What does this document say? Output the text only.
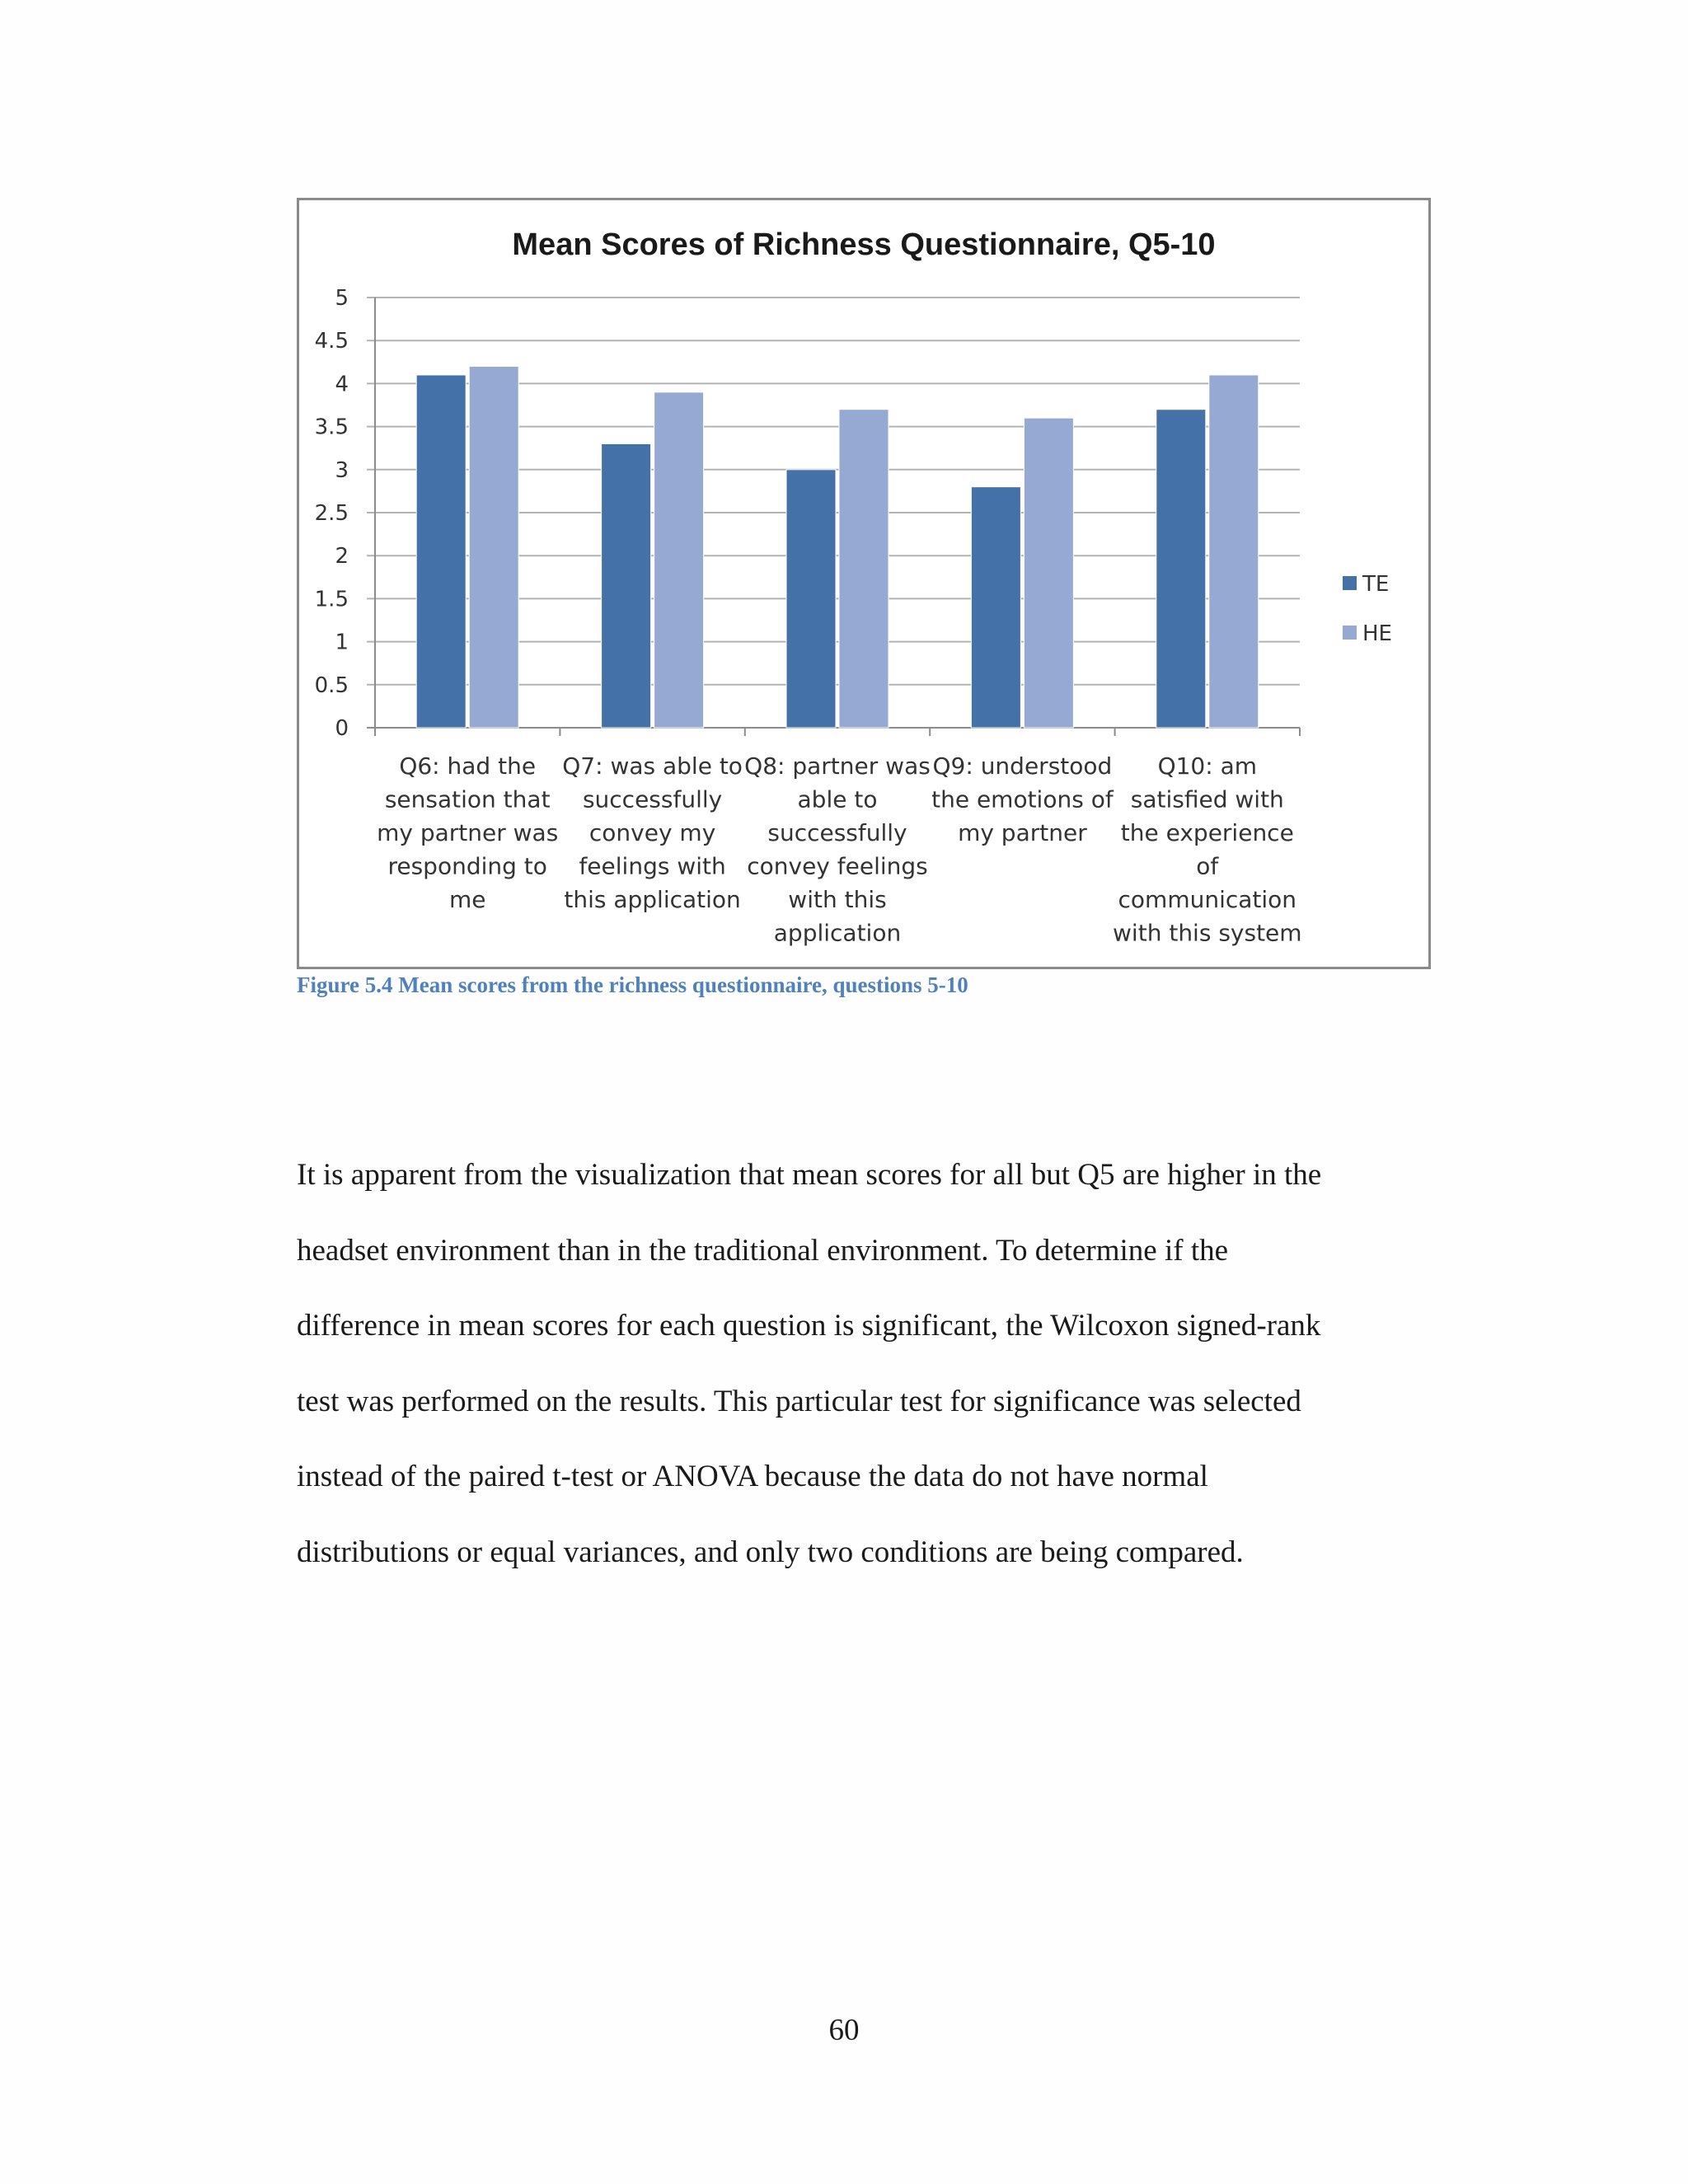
Mean Scores of Richness Questionnaire, Q5-10
0
0.5
1
1.5
2
2.5
3
3.5
4
4.5
5
Q6: had the sensation that my partner was responding to me
Q7: was able to successfully convey my feelings with this application
Q8: partner was able to successfully convey feelings with this application
Q9: understood the emotions of my partner
Q10: am satisfied with the experience of communication with this system
TE
HE
Figure 5.4 Mean scores from the richness questionnaire, questions 5-10

It is apparent from the visualization that mean scores for all but Q5 are higher in the

headset environment than in the traditional environment. To determine if the

difference in mean scores for each question is significant, the Wilcoxon signed-rank

test was performed on the results. This particular test for significance was selected

instead of the paired t-test or ANOVA because the data do not have normal

distributions or equal variances, and only two conditions are being compared.

60
